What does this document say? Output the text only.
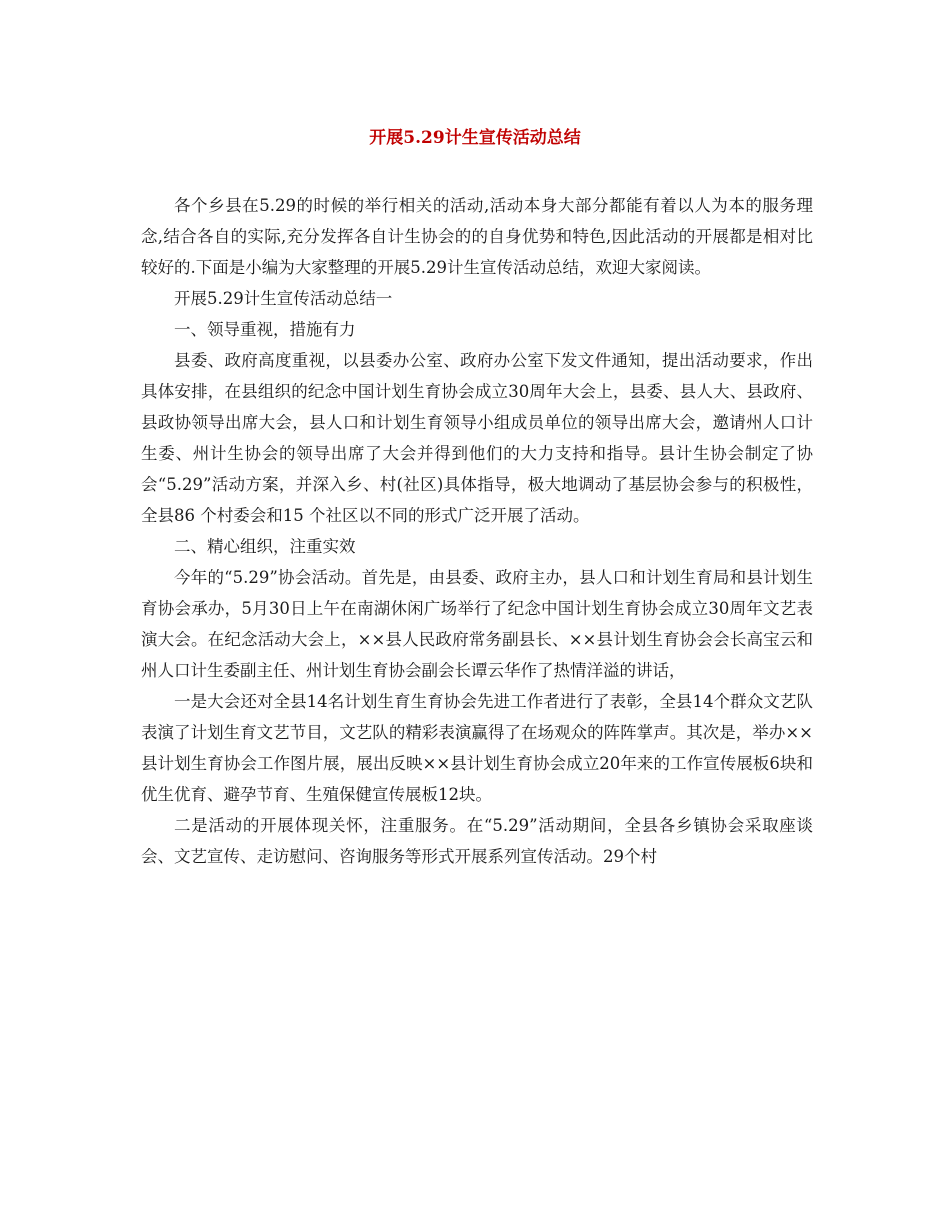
开展5.29计生宣传活动总结

各个乡县在5.29的时候的举行相关的活动,活动本身大部分都能有着以人为本的服务理念,结合各自的实际,充分发挥各自计生协会的的自身优势和特色,因此活动的开展都是相对比较好的.下面是小编为大家整理的开展5.29计生宣传活动总结，欢迎大家阅读。

开展5.29计生宣传活动总结一

一、领导重视，措施有力

县委、政府高度重视，以县委办公室、政府办公室下发文件通知，提出活动要求，作出具体安排，在县组织的纪念中国计划生育协会成立30周年大会上，县委、县人大、县政府、县政协领导出席大会，县人口和计划生育领导小组成员单位的领导出席大会，邀请州人口计生委、州计生协会的领导出席了大会并得到他们的大力支持和指导。县计生协会制定了协会“5.29”活动方案，并深入乡、村(社区)具体指导，极大地调动了基层协会参与的积极性，全县86 个村委会和15 个社区以不同的形式广泛开展了活动。

二、精心组织，注重实效

今年的“5.29”协会活动。首先是，由县委、政府主办，县人口和计划生育局和县计划生育协会承办，5月30日上午在南湖休闲广场举行了纪念中国计划生育协会成立30周年文艺表演大会。在纪念活动大会上，××县人民政府常务副县长、××县计划生育协会会长高宝云和州人口计生委副主任、州计划生育协会副会长谭云华作了热情洋溢的讲话，

一是大会还对全县14名计划生育生育协会先进工作者进行了表彰，全县14个群众文艺队表演了计划生育文艺节目，文艺队的精彩表演赢得了在场观众的阵阵掌声。其次是，举办××县计划生育协会工作图片展，展出反映××县计划生育协会成立20年来的工作宣传展板6块和优生优育、避孕节育、生殖保健宣传展板12块。

二是活动的开展体现关怀，注重服务。在“5.29”活动期间，全县各乡镇协会采取座谈会、文艺宣传、走访慰问、咨询服务等形式开展系列宣传活动。29个村
